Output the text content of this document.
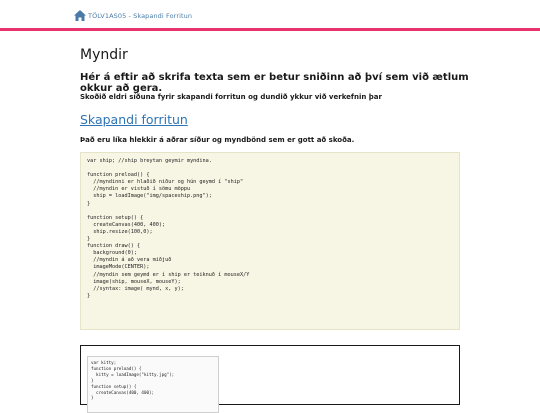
TÖLV1AS05 - Skapandi Forritun
Myndir

Hér á eftir að skrifa texta sem er betur sniðinn að því sem við ætlum okkur að gera.

Skoðið eldri síðuna fyrir skapandi forritun og dundið ykkur við verkefnin þar

Skapandi forritun

Það eru líka hlekkir á aðrar síður og myndbönd sem er gott að skoða.

var ship; //ship breytan geymir myndina.

function preload() {
//myndinni er hlaðið niður og hún geymd í "ship"
//myndin er vistuð í sömu möppu
ship = loadImage("img/spaceship.png");
}

function setup() {
createCanvas(400, 400);
ship.resize(100,0);
}
function draw() {
background(0);
//myndin á að vera miðjuð
imageMode(CENTER);
//myndin sem geymd er í ship er teiknuð í mouseX/Y
image(ship, mouseX, mouseY);
//syntax: image( mynd, x, y);
}

var kitty;
function preload() {
kitty = loadImage("kitty.jpg");
}
function setup() {
createCanvas(400, 400);
}
